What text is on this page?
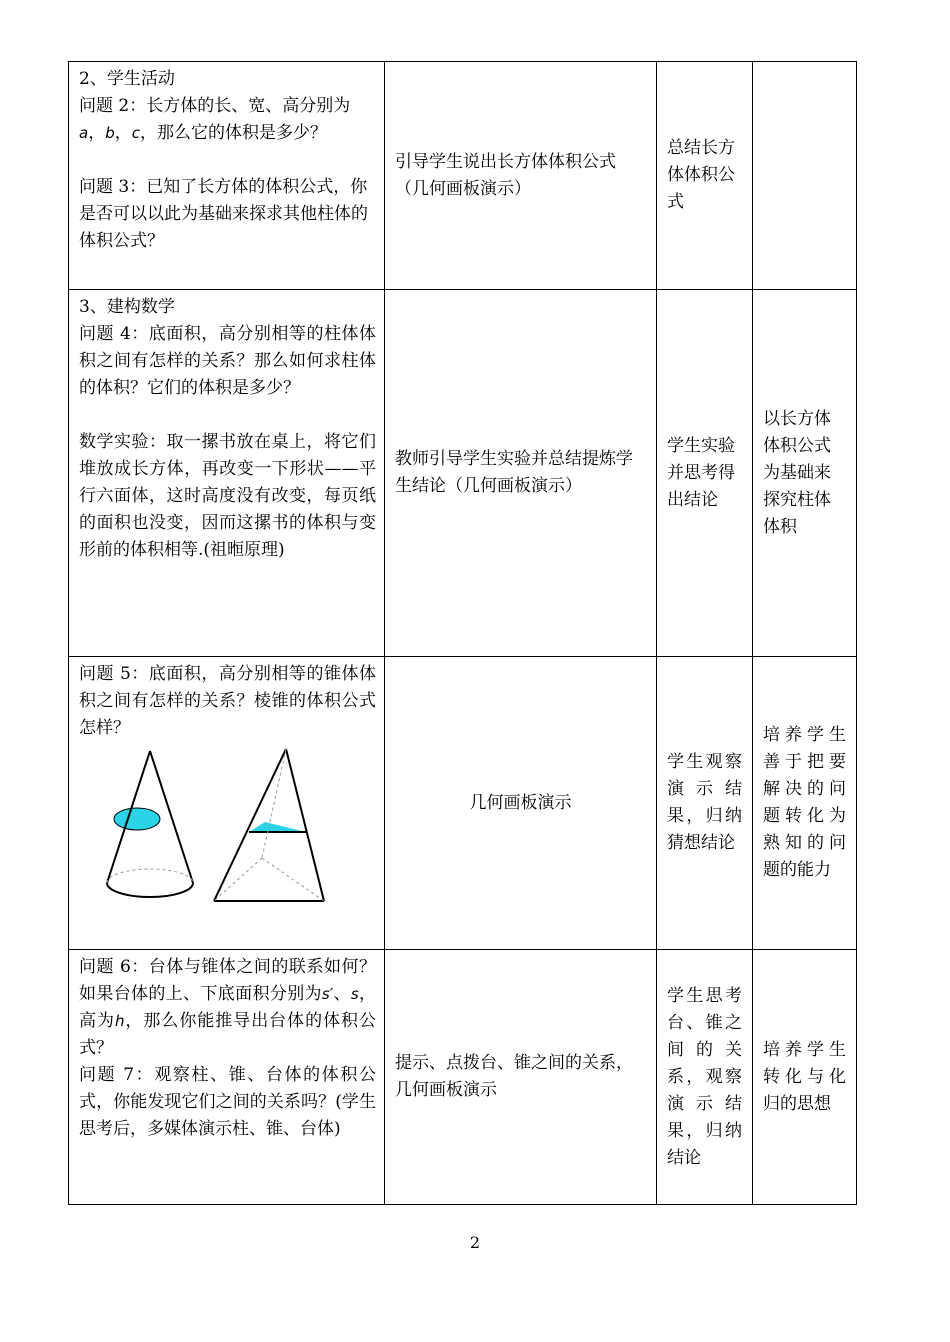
2、学生活动
问题 2：长方体的长、宽、高分别为a，b，c，那么它的体积是多少？
问题 3：已知了长方体的体积公式，你是否可以以此为基础来探求其他柱体的体积公式？	引导学生说出长方体体积公式（几何画板演示）	总结长方体体积公式	

3、建构数学
问题 4：底面积，高分别相等的柱体体积之间有怎样的关系？那么如何求柱体的体积？它们的体积是多少？
数学实验：取一摞书放在桌上，将它们堆放成长方体，再改变一下形状——平行六面体，这时高度没有改变，每页纸的面积也没变，因而这摞书的体积与变形前的体积相等.(祖暅原理)	教师引导学生实验并总结提炼学生结论（几何画板演示）	学生实验并思考得出结论	以长方体体积公式为基础来探究柱体体积

问题 5：底面积，高分别相等的锥体体积之间有怎样的关系？棱锥的体积公式怎样？	几何画板演示	学生观察演示结果，归纳猜想结论	培养学生善于把要解决的问题转化为熟知的问题的能力

问题 6：台体与锥体之间的联系如何？如果台体的上、下底面积分别为s′、s，高为h，那么你能推导出台体的体积公式？
问题 7：观察柱、锥、台体的体积公式，你能发现它们之间的关系吗？(学生思考后，多媒体演示柱、锥、台体)	提示、点拨台、锥之间的关系，几何画板演示	学生思考台、锥之间的关系，观察演示结果，归纳结论	培养学生转化与化归的思想
2
